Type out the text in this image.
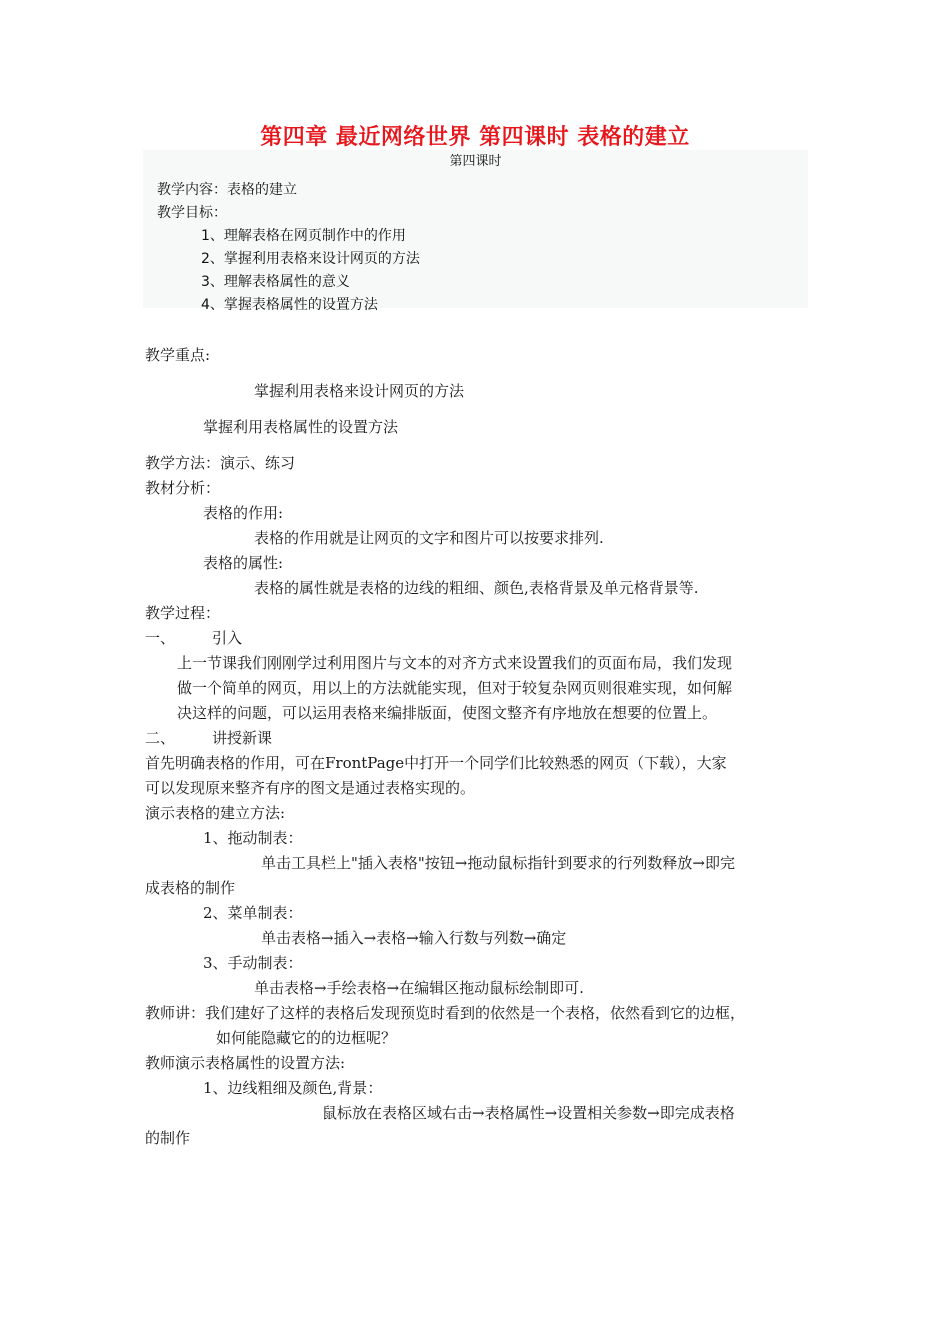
第四章 最近网络世界 第四课时 表格的建立
第四课时
教学内容：表格的建立
教学目标：
1、理解表格在网页制作中的作用
2、掌握利用表格来设计网页的方法
3、理解表格属性的意义
4、掌握表格属性的设置方法
教学重点:
掌握利用表格来设计网页的方法
掌握利用表格属性的设置方法
教学方法：演示、练习
教材分析：
表格的作用:
表格的作用就是让网页的文字和图片可以按要求排列.
表格的属性:
表格的属性就是表格的边线的粗细、颜色,表格背景及单元格背景等.
教学过程：
一、 引入
上一节课我们刚刚学过利用图片与文本的对齐方式来设置我们的页面布局，我们发现
做一个简单的网页，用以上的方法就能实现，但对于较复杂网页则很难实现，如何解
决这样的问题，可以运用表格来编排版面，使图文整齐有序地放在想要的位置上。
二、 讲授新课
首先明确表格的作用，可在FrontPage中打开一个同学们比较熟悉的网页（下载），大家
可以发现原来整齐有序的图文是通过表格实现的。
演示表格的建立方法:
1、拖动制表：
单击工具栏上"插入表格"按钮→拖动鼠标指针到要求的行列数释放→即完
成表格的制作
2、菜单制表：
单击表格→插入→表格→输入行数与列数→确定
3、手动制表：
单击表格→手绘表格→在编辑区拖动鼠标绘制即可.
教师讲：我们建好了这样的表格后发现预览时看到的依然是一个表格，依然看到它的边框，
如何能隐藏它的的边框呢？
教师演示表格属性的设置方法:
1、边线粗细及颜色,背景：
鼠标放在表格区域右击→表格属性→设置相关参数→即完成表格
的制作
